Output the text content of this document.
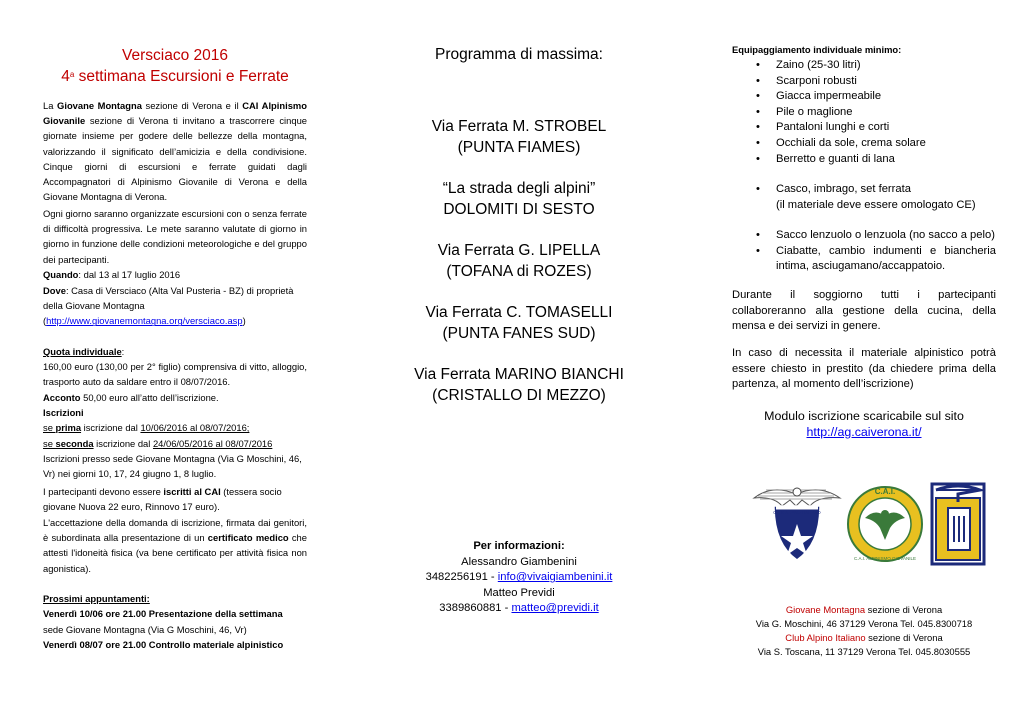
Versciaco 2016
4$^a$ settimana Escursioni e Ferrate
La Giovane Montagna sezione di Verona e il CAI Alpinismo Giovanile sezione di Verona ti invitano a trascorrere cinque giornate insieme per godere delle bellezze della montagna, valorizzando il significato dell’amicizia e della condivisione. Cinque giorni di escursioni e ferrate guidati dagli Accompagnatori di Alpinismo Giovanile di Verona e della Giovane Montagna di Verona.
Ogni giorno saranno organizzate escursioni con o senza ferrate di difficoltà progressiva. Le mete saranno valutate di giorno in giorno in funzione delle condizioni meteorologiche e del gruppo dei partecipanti.
Quando: dal 13 al 17 luglio 2016
Dove: Casa di Versciaco (Alta Val Pusteria - BZ) di proprietà della Giovane Montagna
(http://www.giovanemontagna.org/versciaco.asp)
Quota individuale:
160,00 euro (130,00 per 2° figlio) comprensiva di vitto, alloggio, trasporto auto da saldare entro il 08/07/2016.
Acconto 50,00 euro all’atto dell’iscrizione.
Iscrizioni
se prima iscrizione dal 10/06/2016 al 08/07/2016;
se seconda iscrizione dal 24/06/05/2016 al 08/07/2016
Iscrizioni presso sede Giovane Montagna (Via G Moschini, 46, Vr) nei giorni 10, 17, 24 giugno 1, 8 luglio.
I partecipanti devono essere iscritti al CAI (tessera socio giovane Nuova 22 euro, Rinnovo 17 euro).
L'accettazione della domanda di iscrizione, firmata dai genitori, è subordinata alla presentazione di un certificato medico che attesti l'idoneità fisica (va bene certificato per attività fisica non agonistica).
Prossimi appuntamenti:
Venerdì 10/06 ore 21.00 Presentazione della settimana
sede Giovane Montagna (Via G Moschini, 46, Vr)
Venerdì 08/07 ore 21.00 Controllo materiale alpinistico
Programma di massima:
Via Ferrata M. STROBEL
(PUNTA FIAMES)
“La strada degli alpini”
DOLOMITI DI SESTO
Via Ferrata G. LIPELLA
(TOFANA di ROZES)
Via Ferrata C. TOMASELLI
(PUNTA FANES SUD)
Via Ferrata MARINO BIANCHI
(CRISTALLO DI MEZZO)
Per informazioni:
Alessandro Giambenini
3482256191 - info@vivaigiambenini.it
Matteo Previdi
3389860881 - matteo@previdi.it
Equipaggiamento individuale minimo:
• Zaino (25-30 litri)
• Scarponi robusti
• Giacca impermeabile
• Pile o maglione
• Pantaloni lunghi e corti
• Occhiali da sole, crema solare
• Berretto e guanti di lana
• Casco, imbrago, set ferrata
(il materiale deve essere omologato CE)
• Sacco lenzuolo o lenzuola (no sacco a pelo)
• Ciabatte, cambio indumenti e biancheria intima, asciugamano/accappatoio.
Durante il soggiorno tutti i partecipanti collaboreranno alla gestione della cucina, della mensa e dei servizi in genere.
In caso di necessita il materiale alpinistico potrà essere chiesto in prestito (da chiedere prima della partenza, al momento dell’iscrizione)
Modulo iscrizione scaricabile sul sito
http://ag.caiverona.it/
CLUB ALPINO ITALIANO
C.A.I.
C.A.I. ALPINISMO GIOVANILE
Giovane Montagna sezione di Verona
Via G. Moschini, 46 37129 Verona Tel. 045.8300718
Club Alpino Italiano sezione di Verona
Via S. Toscana, 11 37129 Verona Tel. 045.8030555
